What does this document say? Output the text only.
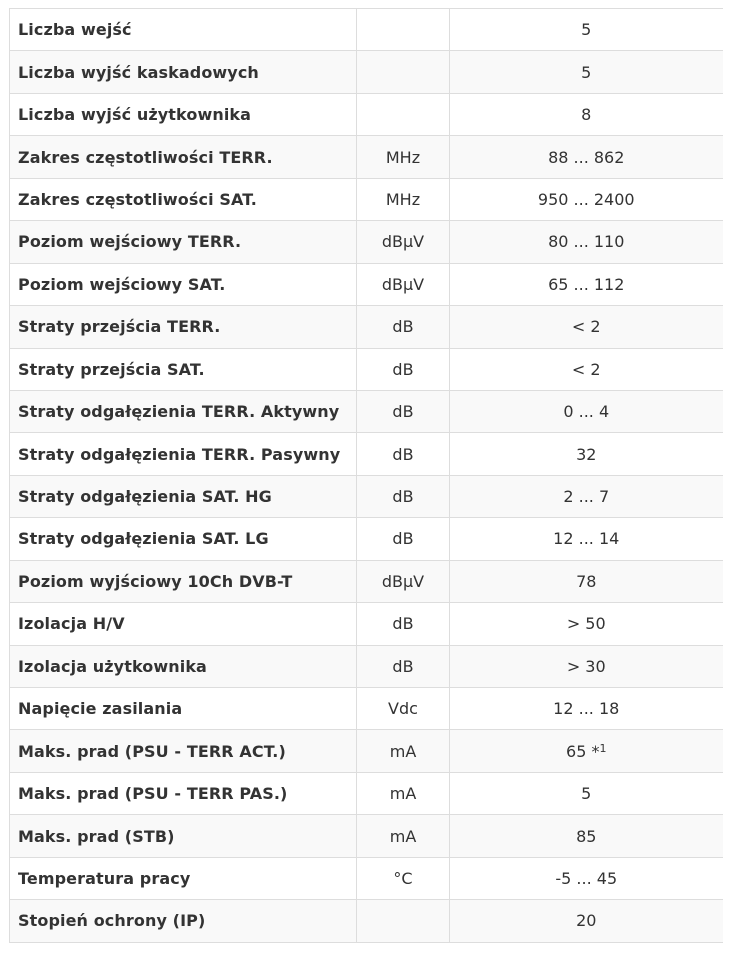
Liczba wejść		5
Liczba wyjść kaskadowych		5
Liczba wyjść użytkownika		8
Zakres częstotliwości TERR.	MHz	88 ... 862
Zakres częstotliwości SAT.	MHz	950 ... 2400
Poziom wejściowy TERR.	dBµV	80 ... 110
Poziom wejściowy SAT.	dBµV	65 ... 112
Straty przejścia TERR.	dB	< 2
Straty przejścia SAT.	dB	< 2
Straty odgałęzienia TERR. Aktywny	dB	0 ... 4
Straty odgałęzienia TERR. Pasywny	dB	32
Straty odgałęzienia SAT. HG	dB	2 ... 7
Straty odgałęzienia SAT. LG	dB	12 ... 14
Poziom wyjściowy 10Ch DVB-T	dBµV	78
Izolacja H/V	dB	> 50
Izolacja użytkownika	dB	> 30
Napięcie zasilania	Vdc	12 ... 18
Maks. prad (PSU - TERR ACT.)	mA	65 *$^1$
Maks. prad (PSU - TERR PAS.)	mA	5
Maks. prad (STB)	mA	85
Temperatura pracy	°C	-5 ... 45
Stopień ochrony (IP)		20
